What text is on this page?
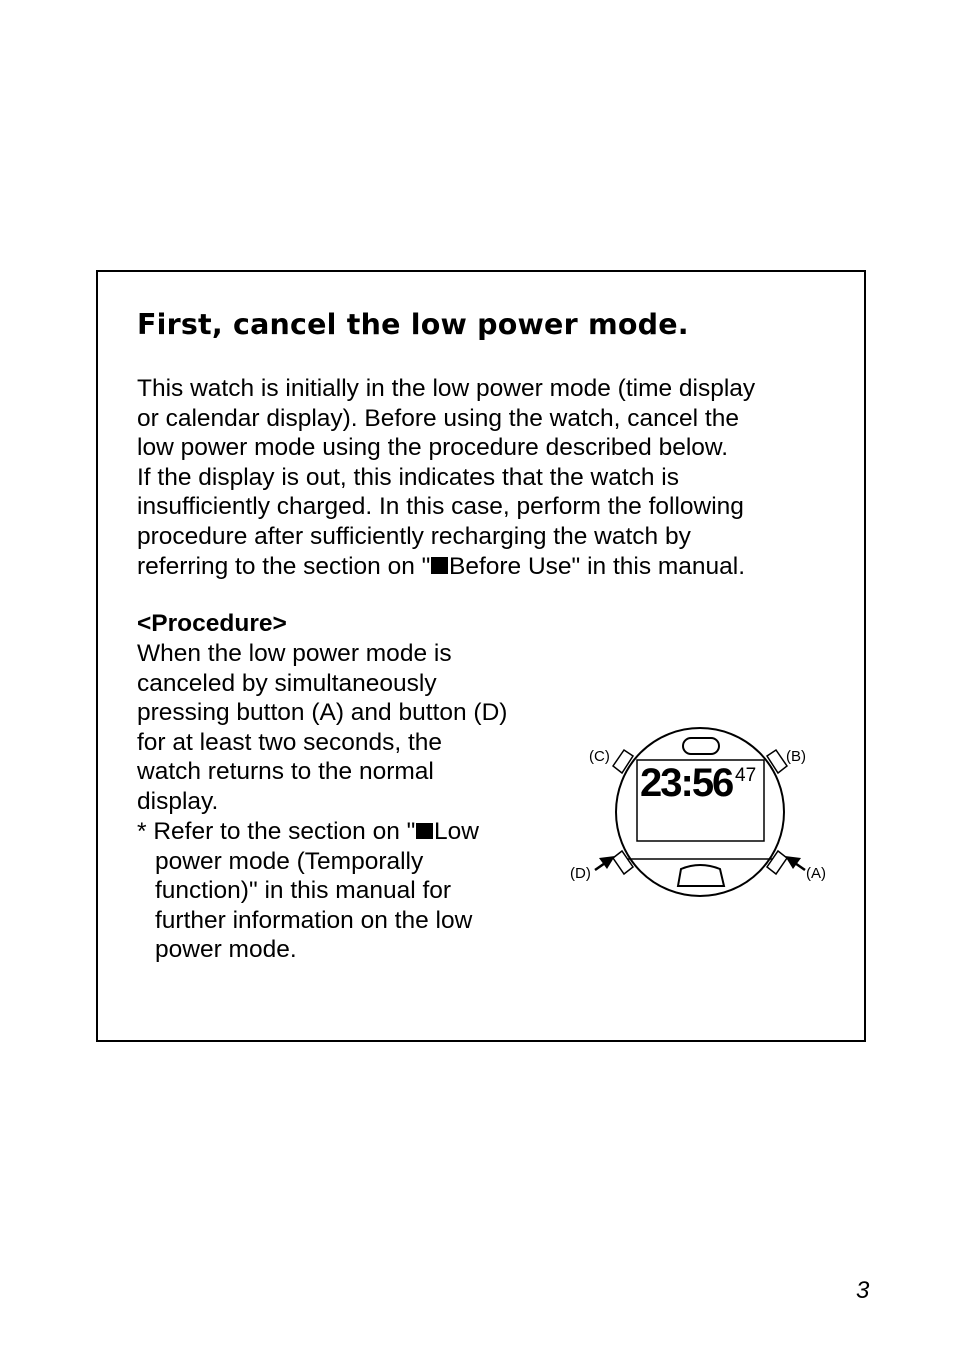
First, cancel the low power mode.
This watch is initially in the low power mode (time display
or calendar display). Before using the watch, cancel the
low power mode using the procedure described below.
If the display is out, this indicates that the watch is
insufficiently charged. In this case, perform the following
procedure after sufficiently recharging the watch by
referring to the section on " Before Use" in this manual.
<Procedure>
When the low power mode is
canceled by simultaneously
pressing button (A) and button (D)
for at least two seconds, the
watch returns to the normal
display.
* Refer to the section on " Low
power mode (Temporally
function)" in this manual for
further information on the low
power mode.
23:56 47
(C)	(B)
(D)	(A)
3
